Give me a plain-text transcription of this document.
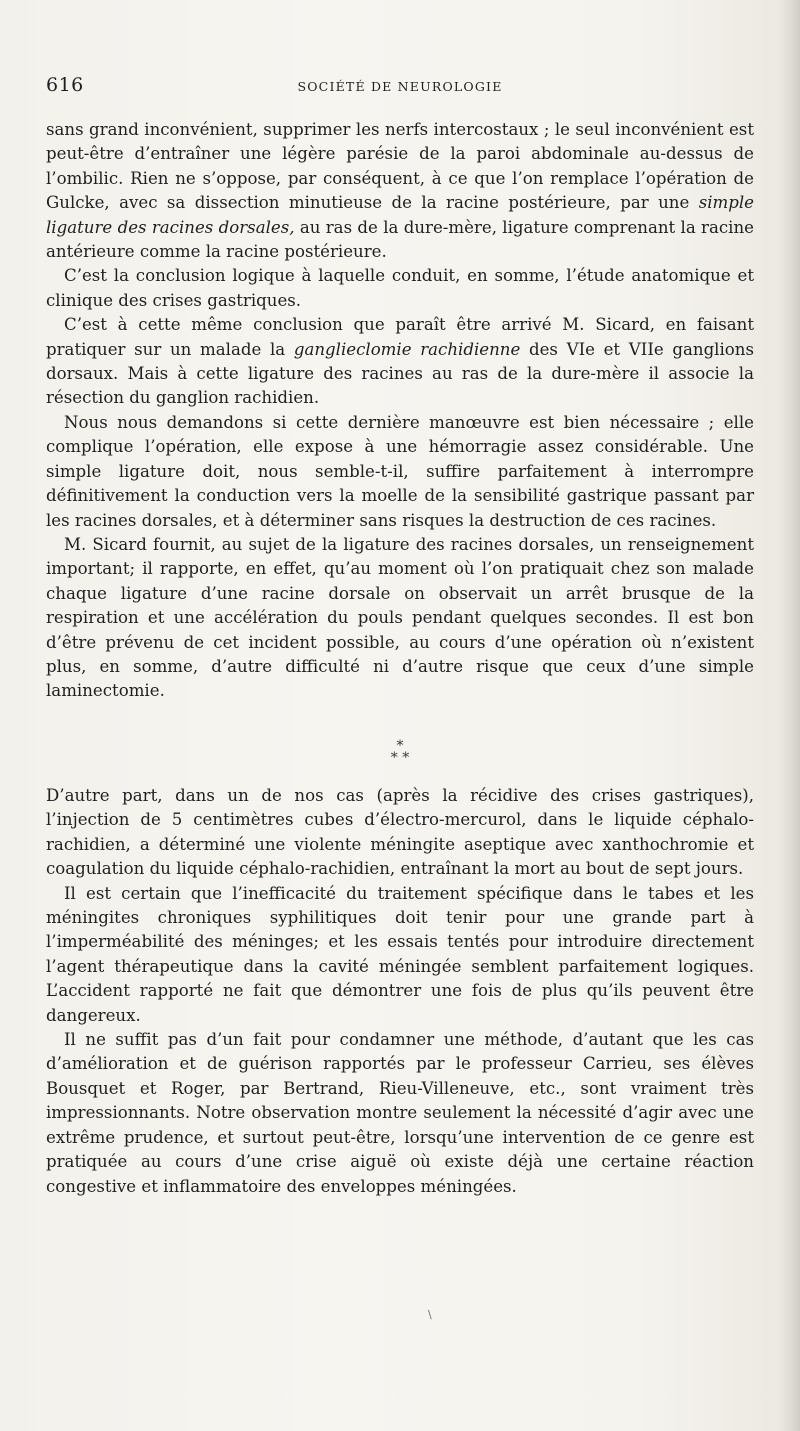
616	SOCIÉTÉ DE NEUROLOGIE

sans grand inconvénient, supprimer les nerfs intercostaux ; le seul inconvénient est peut-être d’entraîner une légère parésie de la paroi abdominale au-dessus de l’ombilic. Rien ne s’oppose, par conséquent, à ce que l’on remplace l’opération de Gulcke, avec sa dissection minutieuse de la racine postérieure, par une simple ligature des racines dorsales, au ras de la dure-mère, ligature comprenant la racine antérieure comme la racine postérieure.

C’est la conclusion logique à laquelle conduit, en somme, l’étude anatomique et clinique des crises gastriques.

C’est à cette même conclusion que paraît être arrivé M. Sicard, en faisant pratiquer sur un malade la ganglieclomie rachidienne des VIe et VIIe ganglions dorsaux. Mais à cette ligature des racines au ras de la dure-mère il associe la résection du ganglion rachidien.

Nous nous demandons si cette dernière manœuvre est bien nécessaire ; elle complique l’opération, elle expose à une hémorragie assez considérable. Une simple ligature doit, nous semble-t-il, suffire parfaitement à interrompre définitivement la conduction vers la moelle de la sensibilité gastrique passant par les racines dorsales, et à déterminer sans risques la destruction de ces racines.

M. Sicard fournit, au sujet de la ligature des racines dorsales, un renseignement important; il rapporte, en effet, qu’au moment où l’on pratiquait chez son malade chaque ligature d’une racine dorsale on observait un arrêt brusque de la respiration et une accélération du pouls pendant quelques secondes. Il est bon d’être prévenu de cet incident possible, au cours d’une opération où n’existent plus, en somme, d’autre difficulté ni d’autre risque que ceux d’une simple laminectomie.

*
* *

D’autre part, dans un de nos cas (après la récidive des crises gastriques), l’injection de 5 centimètres cubes d’électro-mercurol, dans le liquide céphalo-rachidien, a déterminé une violente méningite aseptique avec xanthochromie et coagulation du liquide céphalo-rachidien, entraînant la mort au bout de sept jours.

Il est certain que l’inefficacité du traitement spécifique dans le tabes et les méningites chroniques syphilitiques doit tenir pour une grande part à l’imperméabilité des méninges; et les essais tentés pour introduire directement l’agent thérapeutique dans la cavité méningée semblent parfaitement logiques. L’accident rapporté ne fait que démontrer une fois de plus qu’ils peuvent être dangereux.

Il ne suffit pas d’un fait pour condamner une méthode, d’autant que les cas d’amélioration et de guérison rapportés par le professeur Carrieu, ses élèves Bousquet et Roger, par Bertrand, Rieu-Villeneuve, etc., sont vraiment très impressionnants. Notre observation montre seulement la nécessité d’agir avec une extrême prudence, et surtout peut-être, lorsqu’une intervention de ce genre est pratiquée au cours d’une crise aiguë où existe déjà une certaine réaction congestive et inflammatoire des enveloppes méningées.

\
